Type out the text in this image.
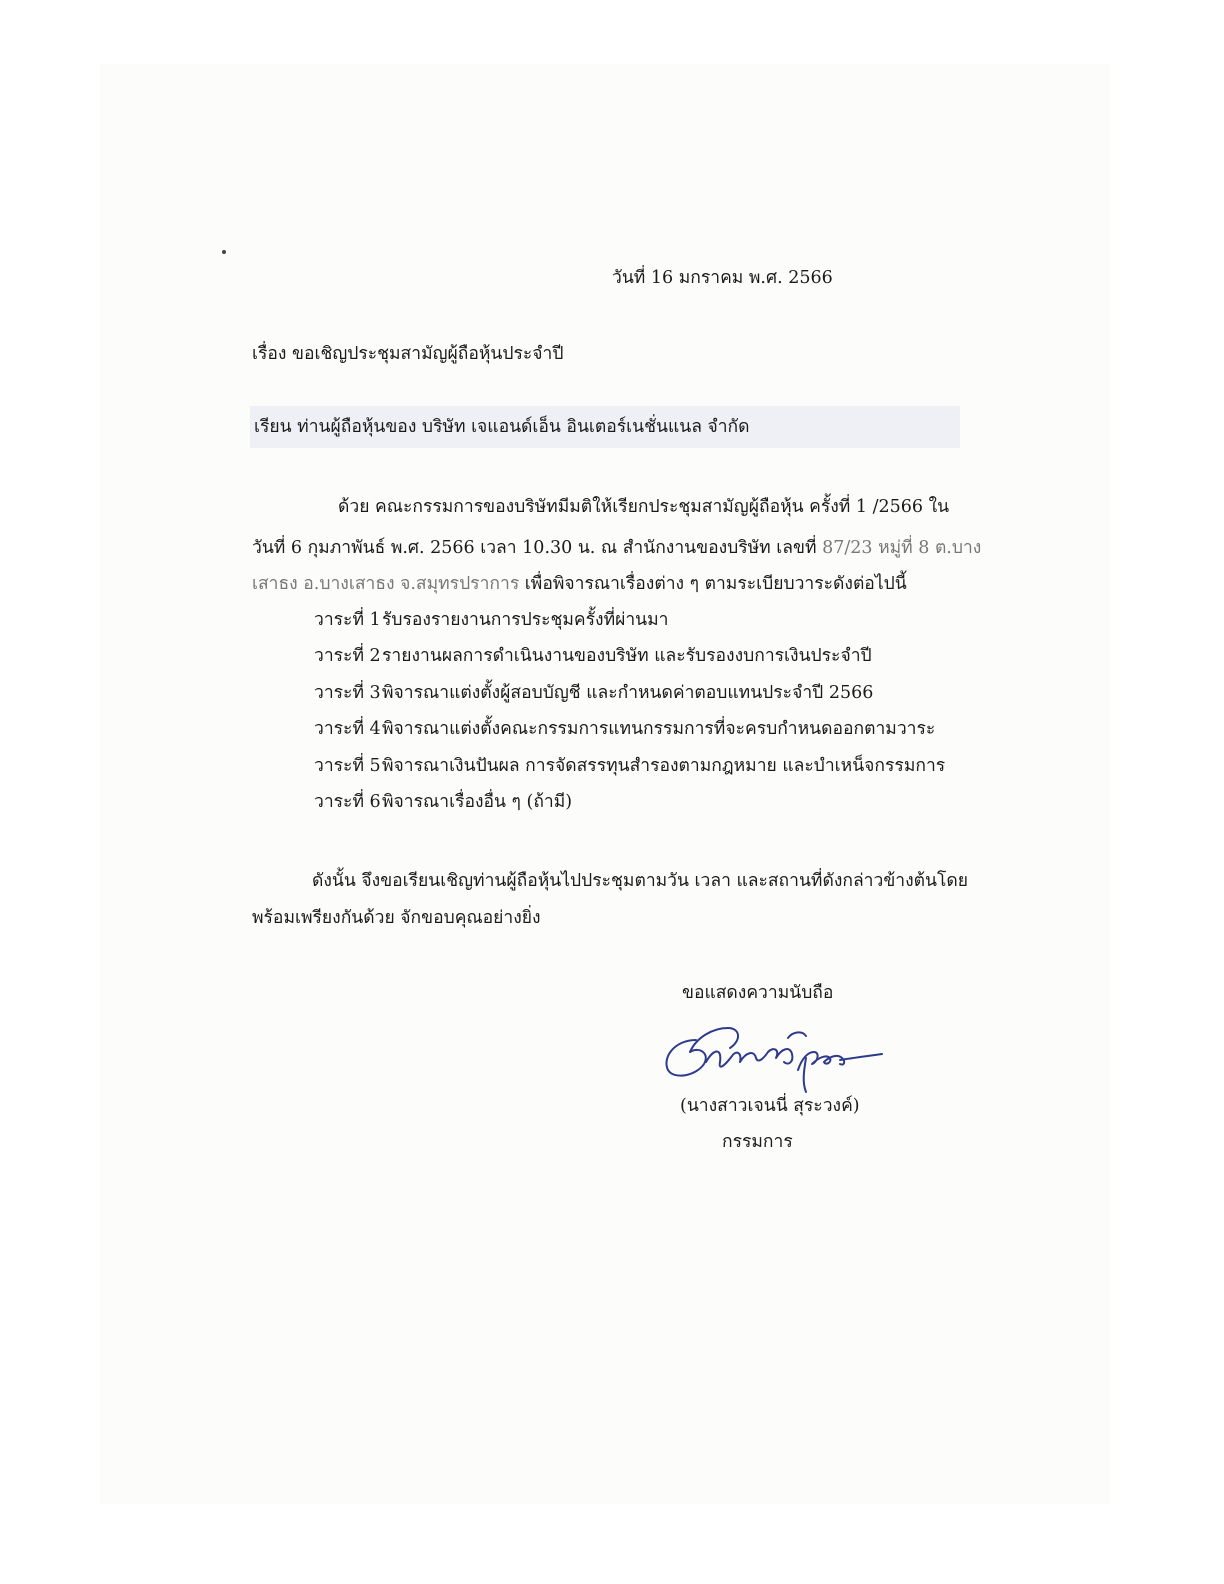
วันที่ 16 มกราคม พ.ศ. 2566
เรื่อง ขอเชิญประชุมสามัญผู้ถือหุ้นประจำปี
เรียน ท่านผู้ถือหุ้นของ บริษัท เจแอนด์เอ็น อินเตอร์เนชั่นแนล จำกัด
ด้วย คณะกรรมการของบริษัทมีมติให้เรียกประชุมสามัญผู้ถือหุ้น ครั้งที่ 1 /2566 ใน
วันที่ 6 กุมภาพันธ์ พ.ศ. 2566 เวลา 10.30 น. ณ สำนักงานของบริษัท เลขที่ 87/23 หมู่ที่ 8 ต.บาง
เสาธง อ.บางเสาธง จ.สมุทรปราการ เพื่อพิจารณาเรื่องต่าง ๆ ตามระเบียบวาระดังต่อไปนี้
วาระที่ 1รับรองรายงานการประชุมครั้งที่ผ่านมา
วาระที่ 2รายงานผลการดำเนินงานของบริษัท และรับรองงบการเงินประจำปี
วาระที่ 3พิจารณาแต่งตั้งผู้สอบบัญชี และกำหนดค่าตอบแทนประจำปี 2566
วาระที่ 4พิจารณาแต่งตั้งคณะกรรมการแทนกรรมการที่จะครบกำหนดออกตามวาระ
วาระที่ 5พิจารณาเงินปันผล การจัดสรรทุนสำรองตามกฎหมาย และบำเหน็จกรรมการ
วาระที่ 6พิจารณาเรื่องอื่น ๆ (ถ้ามี)
ดังนั้น จึงขอเรียนเชิญท่านผู้ถือหุ้นไปประชุมตามวัน เวลา และสถานที่ดังกล่าวข้างต้นโดย
พร้อมเพรียงกันด้วย จักขอบคุณอย่างยิ่ง
ขอแสดงความนับถือ
(นางสาวเจนนี่ สุระวงค์)
กรรมการ
